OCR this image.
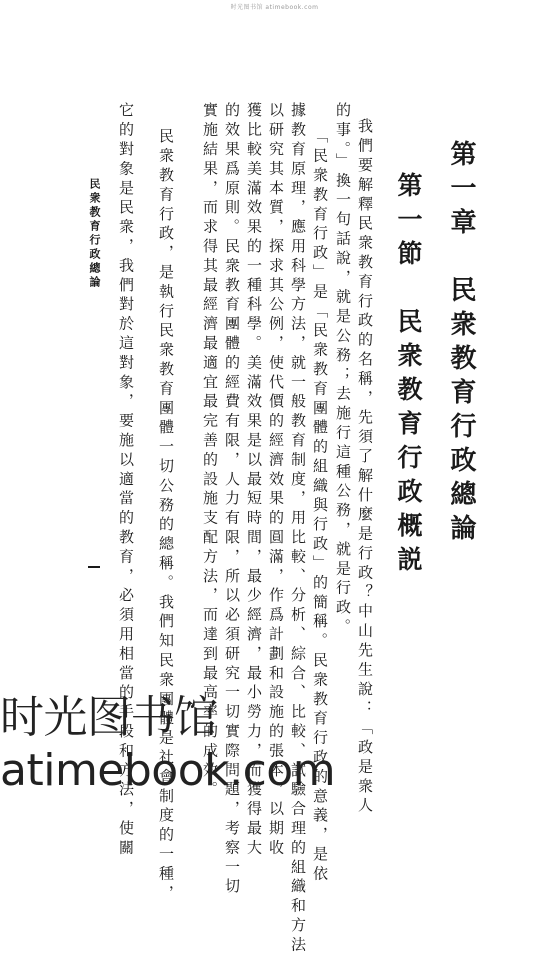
时光图书馆 atimebook.com
第一章　民衆教育行政總論
第一節　民衆教育行政概説
我們要解釋民衆教育行政的名稱，先須了解什麼是行政？中山先生說：「政是衆人
的事。」換一句話說，就是公務；去施行這種公務，就是行政。
「民衆教育行政」是「民衆教育團體的組織與行政」的簡稱。民衆教育行政的意義，是依
據教育原理，應用科學方法，就一般教育制度，用比較、分析、綜合、比較、試驗合理的組織和方法
以研究其本質，探求其公例，使代價的經濟效果的圓滿，作爲計劃和設施的張本，以期收
獲比較美滿效果的一種科學。美滿效果是以最短時間，最少經濟，最小勞力，而獲得最大
的效果爲原則。民衆教育團體的經費有限，人力有限，所以必須研究一切實際問題，考察一切
實施結果，而求得其最經濟最適宜最完善的設施支配方法，而達到最高率的成效。
民衆教育行政，是執行民衆教育團體一切公務的總稱。我們知民衆團體是社會制度的一種，
它的對象是民衆，我們對於這對象，要施以適當的教育，必須用相當的手段和方法，使關
民衆教育行政總論
时光图书馆atimebook.com
